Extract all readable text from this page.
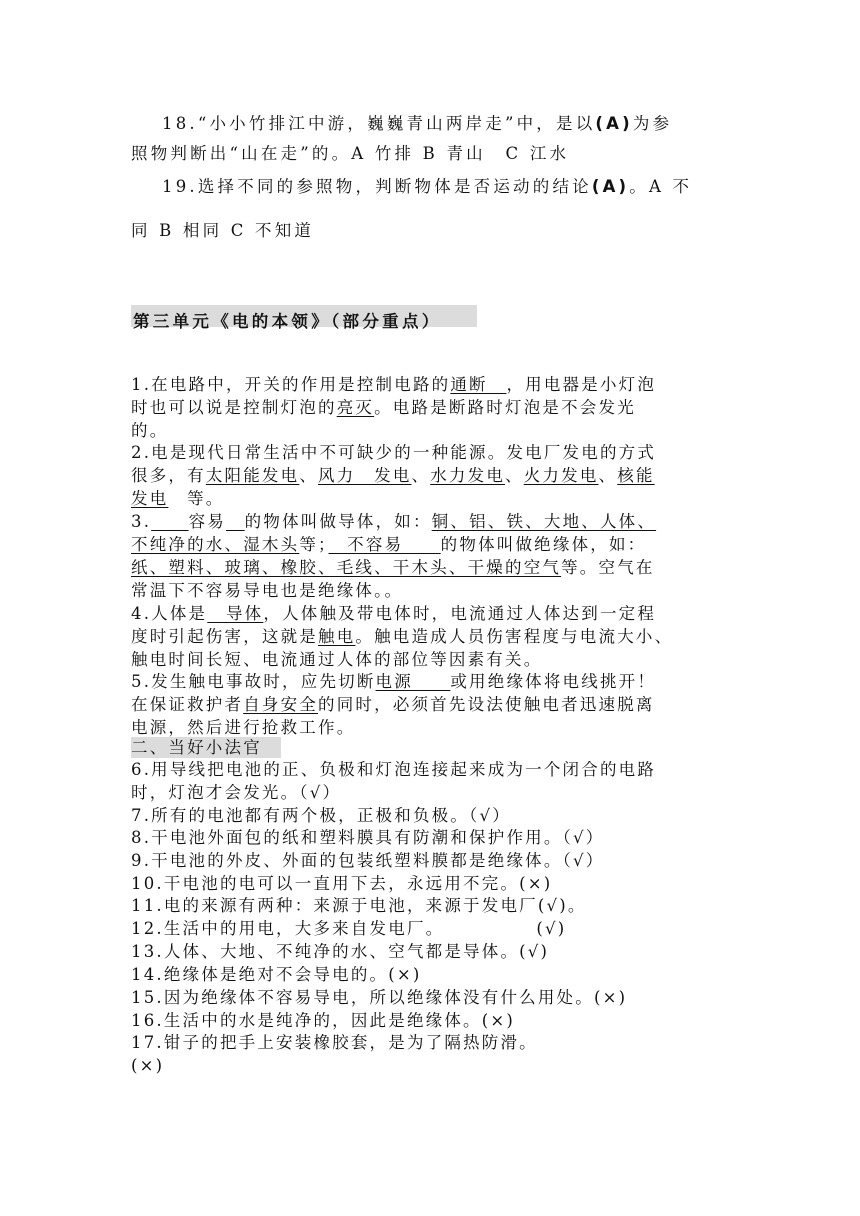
18.“小小竹排江中游，巍巍青山两岸走”中，是以(A)为参
照物判断出“山在走”的。A 竹排 B 青山　C 江水
19.选择不同的参照物，判断物体是否运动的结论(A)。A 不
同 B 相同 C 不知道
第三单元《电的本领》（部分重点）
1.在电路中，开关的作用是控制电路的通断　，用电器是小灯泡
时也可以说是控制灯泡的亮灭。电路是断路时灯泡是不会发光
的。
2.电是现代日常生活中不可缺少的一种能源。发电厂发电的方式
很多，有太阳能发电、风力　发电、水力发电、火力发电、核能
发电　等。
3.　　 容易　 的物体叫做导体，如：铜、铝、铁、大地、人体、
不纯净的水、湿木头等；　不容易　　的物体叫做绝缘体，如：
纸、塑料、玻璃、橡胶、毛线、干木头、干燥的空气等。空气在
常温下不容易导电也是绝缘体。。
4.人体是　导体，人体触及带电体时，电流通过人体达到一定程
度时引起伤害，这就是触电。触电造成人员伤害程度与电流大小、
触电时间长短、电流通过人体的部位等因素有关。
5.发生触电事故时，应先切断电源　　或用绝缘体将电线挑开！
在保证救护者自身安全的同时，必须首先设法使触电者迅速脱离
电源，然后进行抢救工作。
二、当好小法官
6.用导线把电池的正、负极和灯泡连接起来成为一个闭合的电路
时，灯泡才会发光。（√）
7.所有的电池都有两个极，正极和负极。（√）
8.干电池外面包的纸和塑料膜具有防潮和保护作用。（√）
9.干电池的外皮、外面的包装纸塑料膜都是绝缘体。（√）
10.干电池的电可以一直用下去，永远用不完。(×)
11.电的来源有两种：来源于电池，来源于发电厂(√)。
12.生活中的用电，大多来自发电厂。	(√)
13.人体、大地、不纯净的水、空气都是导体。(√)
14.绝缘体是绝对不会导电的。(×)
15.因为绝缘体不容易导电，所以绝缘体没有什么用处。(×)
16.生活中的水是纯净的，因此是绝缘体。(×)
17.钳子的把手上安装橡胶套，是为了隔热防滑。
(×)
